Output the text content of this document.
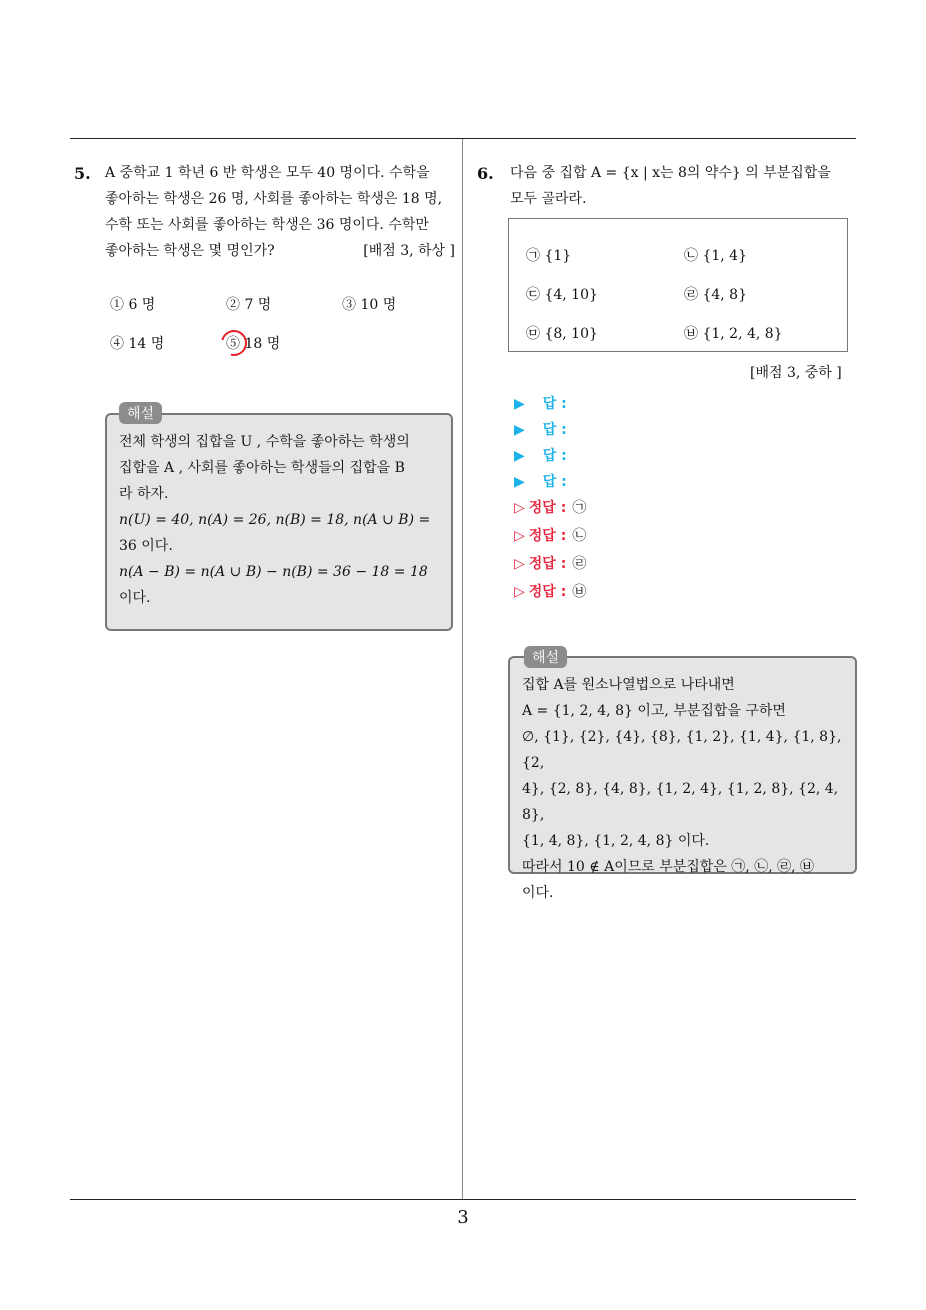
5. A 중학교 1 학년 6 반 학생은 모두 40 명이다. 수학을
좋아하는 학생은 26 명, 사회를 좋아하는 학생은 18 명,
수학 또는 사회를 좋아하는 학생은 36 명이다. 수학만
좋아하는 학생은 몇 명인가?	[배점 3, 하상 ]
① 6 명	② 7 명	③ 10 명
④ 14 명	⑤ 18 명
전체 학생의 집합을 U , 수학을 좋아하는 학생의
집합을 A , 사회를 좋아하는 학생들의 집합을 B
라 하자.
n(U) = 40, n(A) = 26, n(B) = 18, n(A ∪ B) =
36 이다.
n(A − B) = n(A ∪ B) − n(B) = 36 − 18 = 18
이다.
해설
6. 다음 중 집합 A = {x | x는 8의 약수} 의 부분집합을
모두 골라라.
㉠ {1}	㉡ {1, 4}
㉢ {4, 10}	㉣ {4, 8}
㉤ {8, 10}	㉥ {1, 2, 4, 8}
[배점 3, 중하 ]
▶ 답 :
▶ 답 :
▶ 답 :
▶ 답 :
▷ 정답 : ㉠
▷ 정답 : ㉡
▷ 정답 : ㉣
▷ 정답 : ㉥
집합 A를 원소나열법으로 나타내면
A = {1, 2, 4, 8} 이고, 부분집합을 구하면
∅, {1}, {2}, {4}, {8}, {1, 2}, {1, 4}, {1, 8}, {2,
4}, {2, 8}, {4, 8}, {1, 2, 4}, {1, 2, 8}, {2, 4, 8},
{1, 4, 8}, {1, 2, 4, 8} 이다.
따라서 10 ∉ A이므로 부분집합은 ㉠, ㉡, ㉣, ㉥
이다.
해설
3
